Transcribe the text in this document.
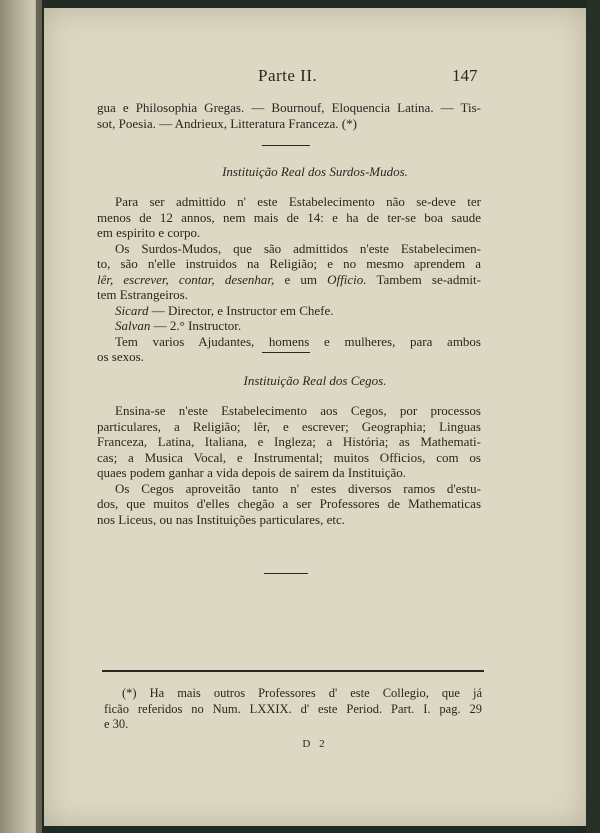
Parte II.	147
gua e Philosophia Gregas. — Bournouf, Eloquencia Latina. — Tis-
sot, Poesia. — Andrieux, Litteratura Franceza. (*)
Instituição Real dos Surdos-Mudos.
Para ser admittido n' este Estabelecimento não se-deve ter
menos de 12 annos, nem mais de 14: e ha de ter-se boa saude
em espirito e corpo.
Os Surdos-Mudos, que são admittidos n'este Estabelecimen-
to, são n'elle instruidos na Religião; e no mesmo aprendem a
lêr, escrever, contar, desenhar, e um Officio. Tambem se-admit-
tem Estrangeiros.
Sicard — Director, e Instructor em Chefe.
Salvan — 2.° Instructor.
Tem varios Ajudantes, homens e mulheres, para ambos
os sexos.
Instituição Real dos Cegos.
Ensina-se n'este Estabelecimento aos Cegos, por processos
particulares, a Religião; lêr, e escrever; Geographia; Linguas
Franceza, Latina, Italiana, e Ingleza; a História; as Mathemati-
cas; a Musica Vocal, e Instrumental; muitos Officios, com os
quaes podem ganhar a vida depois de sairem da Instituição.
Os Cegos aproveitão tanto n' estes diversos ramos d'estu-
dos, que muitos d'elles chegão a ser Professores de Mathematicas
nos Liceus, ou nas Instituições particulares, etc.
(*) Ha mais outros Professores d' este Collegio, que já
ficão referidos no Num. LXXIX. d' este Period. Part. I. pag. 29
e 30.
D 2
